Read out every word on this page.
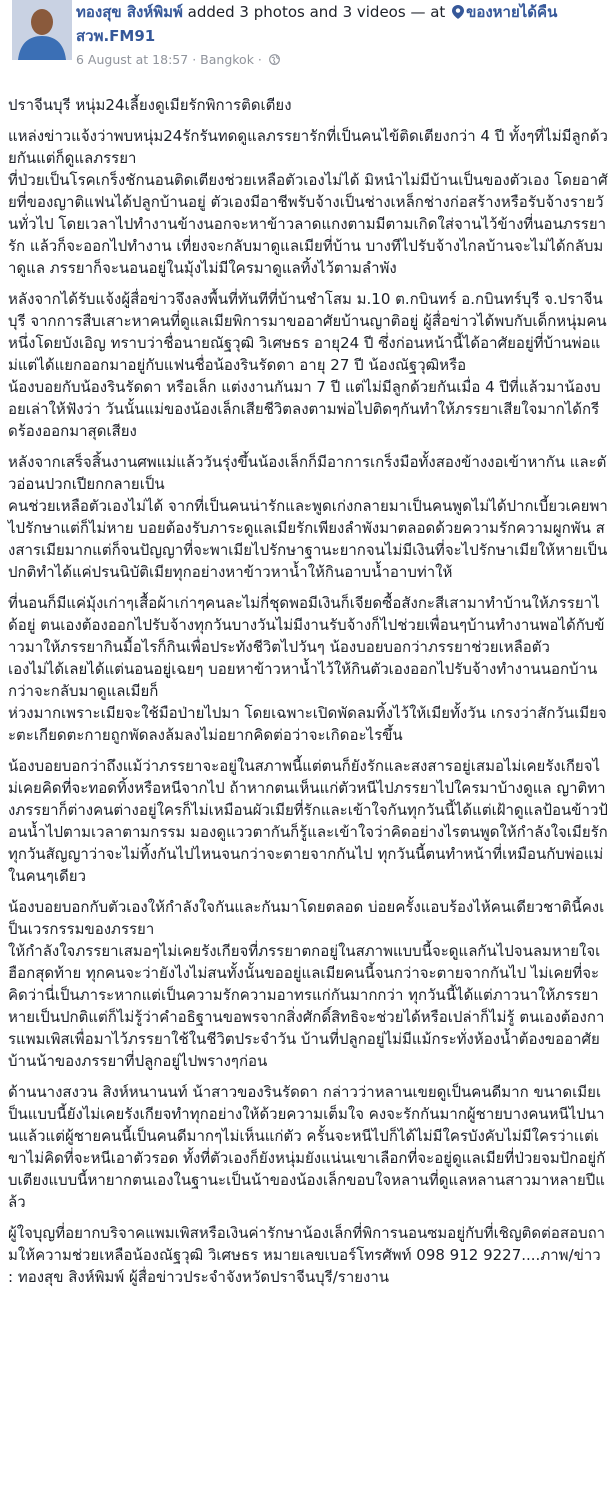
ทองสุข สิงห์พิมพ์ added 3 photos and 3 videos — at ของหายได้คืน สวพ.FM91
6 August at 18:57 · Bangkok ·

ปราจีนบุรี หนุ่ม24เลี้ยงดูเมียรักพิการติดเตียง

แหล่งข่าวแจ้งว่าพบหนุ่ม24รักรันทดดูแลภรรยารักที่เป็นคนไข้ติดเตียงกว่า 4 ปี ทั้งๆที่ไม่มีลูกด้วยกันแต่ก็ดูแลภรรยา

ที่ป่วยเป็นโรคเกร็งชักนอนติดเตียงช่วยเหลือตัวเองไม่ได้ มิหนำไม่มีบ้านเป็นของตัวเอง โดยอาศัยที่ของญาติแฟนได้ปลูกบ้านอยู่ ตัวเองมีอาชีพรับจ้างเป็นช่างเหล็กช่างก่อสร้างหรือรับจ้างรายวันทั่วไป โดยเวลาไปทำงานข้างนอกจะหาข้าวลาดแกงตามมีตามเกิดใส่จานไว้ข้างที่นอนภรรยารัก แล้วก็จะออกไปทำงาน เที่ยงจะกลับมาดูแลเมียที่บ้าน บางทีไปรับจ้างไกลบ้านจะไม่ได้กลับมาดูแล ภรรยาก็จะนอนอยู่ในมุ้งไม่มีใครมาดูแลทิ้งไว้ตามลำพัง

หลังจากได้รับแจ้งผู้สื่อข่าวจึงลงพื้นที่ทันทีที่บ้านชำโสม ม.10 ต.กบินทร์ อ.กบินทร์บุรี จ.ปราจีนบุรี จากการสืบเสาะหาคนที่ดูแลเมียพิการมาขออาศัยบ้านญาติอยู่ ผู้สื่อข่าวได้พบกับเด็กหนุ่มคนหนึ่งโดยบังเอิญ ทราบว่าชื่อนายณัฐวุฒิ วิเศษธร อายุ24 ปี ซึ่งก่อนหน้านี้ได้อาศัยอยู่ที่บ้านพ่อแม่แต่ได้แยกออกมาอยู่กับแฟนชื่อน้องรินรัดดา อายุ 27 ปี น้องณัฐวุฒิหรือ

น้องบอยกับน้องรินรัดดา หรือเล็ก แต่งงานกันมา 7 ปี แต่ไม่มีลูกด้วยกันเมื่อ 4 ปีที่แล้วมาน้องบอยเล่าให้ฟังว่า วันนั้นแม่ของน้องเล็กเสียชีวิตลงตามพ่อไปติดๆกันทำให้ภรรยาเสียใจมากได้กรีดร้องออกมาสุดเสียง

หลังจากเสร็จสิ้นงานศพแม่แล้ววันรุ่งขึ้นน้องเล็กก็มีอาการเกร็งมือทั้งสองข้างงอเข้าหากัน และตัวอ่อนปวกเปียกกลายเป็น

คนช่วยเหลือตัวเองไม่ได้ จากที่เป็นคนน่ารักและพูดเก่งกลายมาเป็นคนพูดไม่ได้ปากเบี้ยวเคยพาไปรักษาแต่ก็ไม่หาย บอยต้องรับภาระดูแลเมียรักเพียงลำพังมาตลอดด้วยความรักความผูกพัน สงสารเมียมากแต่ก็จนปัญญาที่จะพาเมียไปรักษาฐานะยากจนไม่มีเงินที่จะไปรักษาเมียให้หายเป็นปกติทำได้แค่ปรนนิบัติเมียทุกอย่างหาข้าวหาน้ำให้กินอาบน้ำอาบท่าให้

ที่นอนก็มีแค่มุ้งเก่าๆเสื้อผ้าเก่าๆคนละไม่กี่ชุดพอมีเงินก็เจียดซื้อสังกะสีเสามาทำบ้านให้ภรรยาได้อยู่ ตนเองต้องออกไปรับจ้างทุกวันบางวันไม่มีงานรับจ้างก็ไปช่วยเพื่อนๆบ้านทำงานพอได้กับข้าวมาให้ภรรยากินมื้อไรก็กินเพื่อประทังชีวิตไปวันๆ น้องบอยบอกว่าภรรยาช่วยเหลือตัว

เองไม่ได้เลยได้แต่นอนอยู่เฉยๆ บอยหาข้าวหาน้ำไว้ให้กินตัวเองออกไปรับจ้างทำงานนอกบ้าน กว่าจะกลับมาดูแลเมียก็

ห่วงมากเพราะเมียจะใช้มือป่ายไปมา โดยเฉพาะเปิดพัดลมทิ้งไว้ให้เมียทั้งวัน เกรงว่าสักวันเมียจะตะเกียดตะกายถูกพัดลงล้มลงไม่อยากคิดต่อว่าจะเกิดอะไรขึ้น

น้องบอยบอกว่าถึงแม้ว่าภรรยาจะอยู่ในสภาพนี้แต่ตนก็ยังรักและสงสารอยู่เสมอไม่เคยรังเกียจไม่เคยคิดที่จะทอดทิ้งหรือหนีจากไป ถ้าหากตนเห็นแก่ตัวหนีไปภรรยาไปใครมาบ้างดูแล ญาติทางภรรยาก็ต่างคนต่างอยู่ใครก็ไม่เหมือนผัวเมียที่รักและเข้าใจกันทุกวันนี้ได้แต่เฝ้าดูแลป้อนข้าวป้อนน้ำไปตามเวลาตามกรรม มองดูแววตากันก็รู้และเข้าใจว่าคิดอย่างไรตนพูดให้กำลังใจเมียรักทุกวันสัญญาว่าจะไม่ทิ้งกันไปไหนจนกว่าจะตายจากกันไป ทุกวันนี้ตนทำหน้าที่เหมือนกับพ่อแม่ในคนๆเดียว

น้องบอยบอกกับตัวเองให้กำลังใจกันและกันมาโดยตลอด บ่อยครั้งแอบร้องไห้คนเดียวชาตินี้คงเป็นเวรกรรมของภรรยา

ให้กำลังใจภรรยาเสมอๆไม่เคยรังเกียจที่ภรรยาตกอยู่ในสภาพแบบนี้จะดูแลกันไปจนลมหายใจเฮือกสุดท้าย ทุกคนจะว่ายังไงไม่สนทั้งนั้นขออยู่แลเมียคนนี้จนกว่าจะตายจากกันไป ไม่เคยที่จะคิดว่านี่เป็นภาระหากแต่เป็นความรักความอาทรแก่กันมากกว่า ทุกวันนี้ได้แต่ภาวนาให้ภรรยา

หายเป็นปกติแต่ก็ไม่รู้ว่าคำอธิฐานขอพรจากสิ่งศักดิ์สิทธิจะช่วยได้หรือเปล่าก็ไม่รู้ ตนเองต้องการแพมเพิสเพื่อมาไว้ภรรยาใช้ในชีวิตประจำวัน บ้านที่ปลูกอยู่ไม่มีแม้กระทั่งห้องน้ำต้องขออาศัยบ้านน้าของภรรยาที่ปลูกอยู่ไปพรางๆก่อน

ด้านนางสงวน สิงห์หนานนท์ น้าสาวของรินรัดดา กล่าวว่าหลานเขยดูเป็นคนดีมาก ขนาดเมียเป็นแบบนี้ยังไม่เคยรังเกียจทำทุกอย่างให้ด้วยความเต็มใจ คงจะรักกันมากผู้ชายบางคนหนีไปนานแล้วแต่ผู้ชายคนนี้เป็นคนดีมากๆไม่เห็นแก่ตัว ครั้นจะหนีไปก็ได้ไม่มีใครบังคับไม่มีใครว่าเเต่เขาไม่คิดที่จะหนีเอาตัวรอด ทั้งที่ตัวเองก็ยังหนุ่มยังแน่นเขาเลือกที่จะอยู่ดูแลเมียที่ป่วยจมปักอยู่กับเตียงแบบนี้หายากตนเองในฐานะเป็นน้าของน้องเล็กขอบใจหลานที่ดูแลหลานสาวมาหลายปีแล้ว

ผู้ใจบุญที่อยากบริจาคแพมเพิสหรือเงินค่ารักษาน้องเล็กที่พิการนอนซมอยู่กับที่เชิญติดต่อสอบถามให้ความช่วยเหลือน้องณัฐวุฒิ วิเศษธร หมายเลขเบอร์โทรศัพท์ 098 912 9227....ภาพ/ข่าว : ทองสุข สิงห์พิมพ์ ผู้สื่อข่าวประจำจังหวัดปราจีนบุรี/รายงาน
